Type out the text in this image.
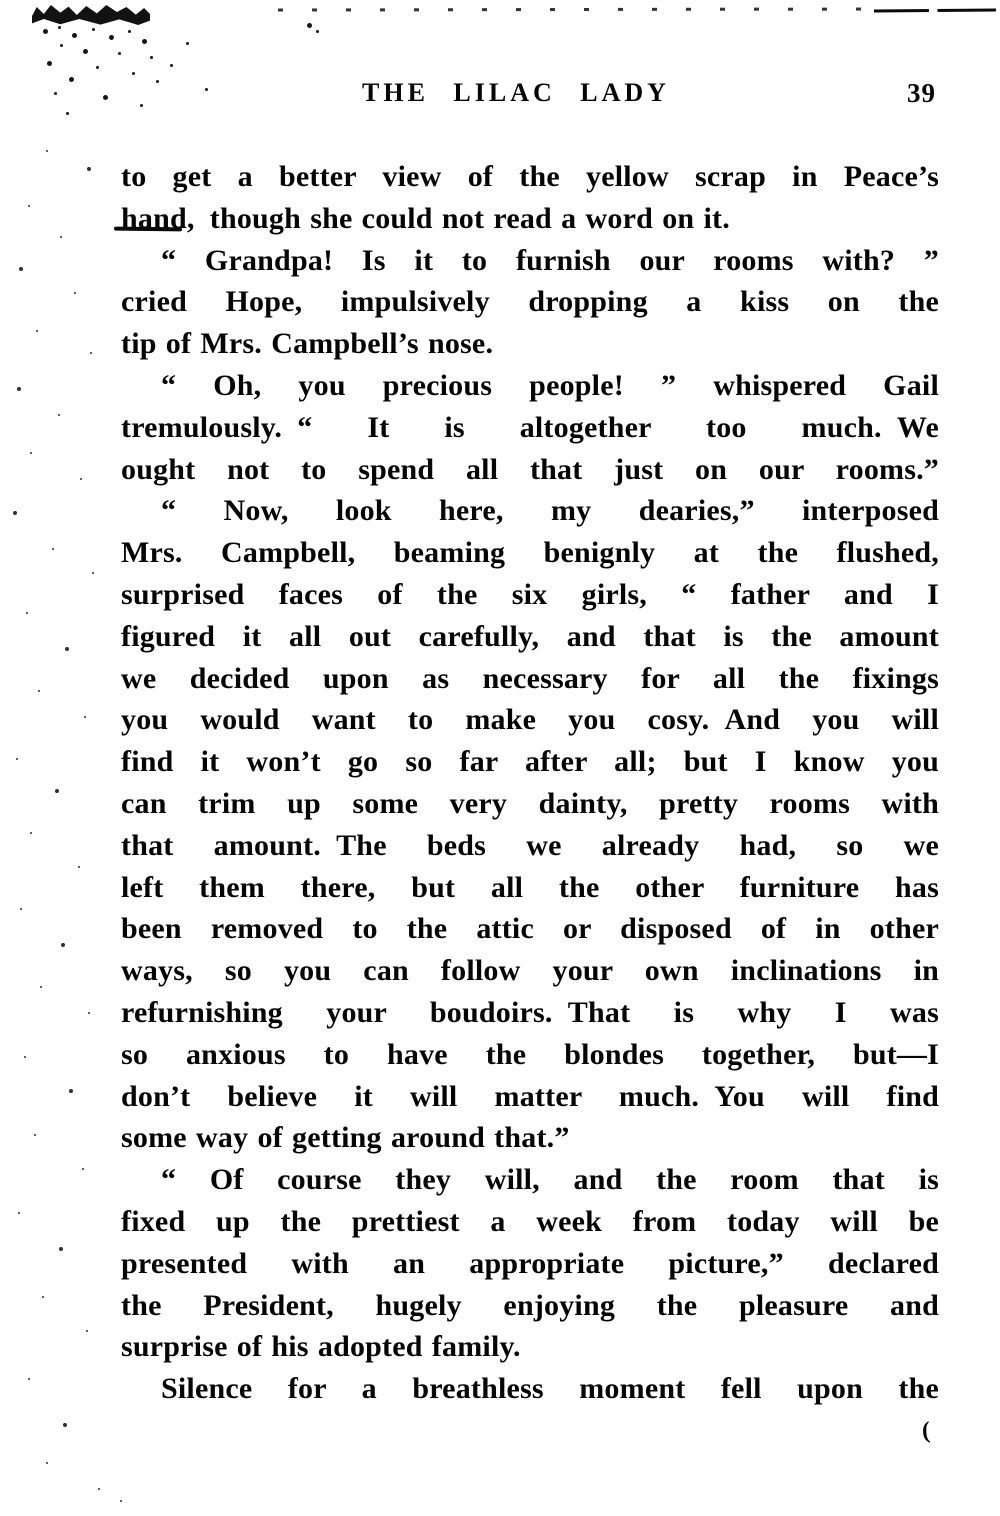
(
THE LILAC LADY	39
to get a better view of the yellow scrap in Peace’s
hand, though she could not read a word on it.
“ Grandpa! Is it to furnish our rooms with? ”
cried Hope, impulsively dropping a kiss on the
tip of Mrs. Campbell’s nose.
“ Oh, you precious people! ” whispered Gail
tremulously. “ It is altogether too much. We
ought not to spend all that just on our rooms.”
“ Now, look here, my dearies,” interposed
Mrs. Campbell, beaming benignly at the flushed,
surprised faces of the six girls, “ father and I
figured it all out carefully, and that is the amount
we decided upon as necessary for all the fixings
you would want to make you cosy. And you will
find it won’t go so far after all; but I know you
can trim up some very dainty, pretty rooms with
that amount. The beds we already had, so we
left them there, but all the other furniture has
been removed to the attic or disposed of in other
ways, so you can follow your own inclinations in
refurnishing your boudoirs. That is why I was
so anxious to have the blondes together, but—I
don’t believe it will matter much. You will find
some way of getting around that.”
“ Of course they will, and the room that is
fixed up the prettiest a week from today will be
presented with an appropriate picture,” declared
the President, hugely enjoying the pleasure and
surprise of his adopted family.
Silence for a breathless moment fell upon the
